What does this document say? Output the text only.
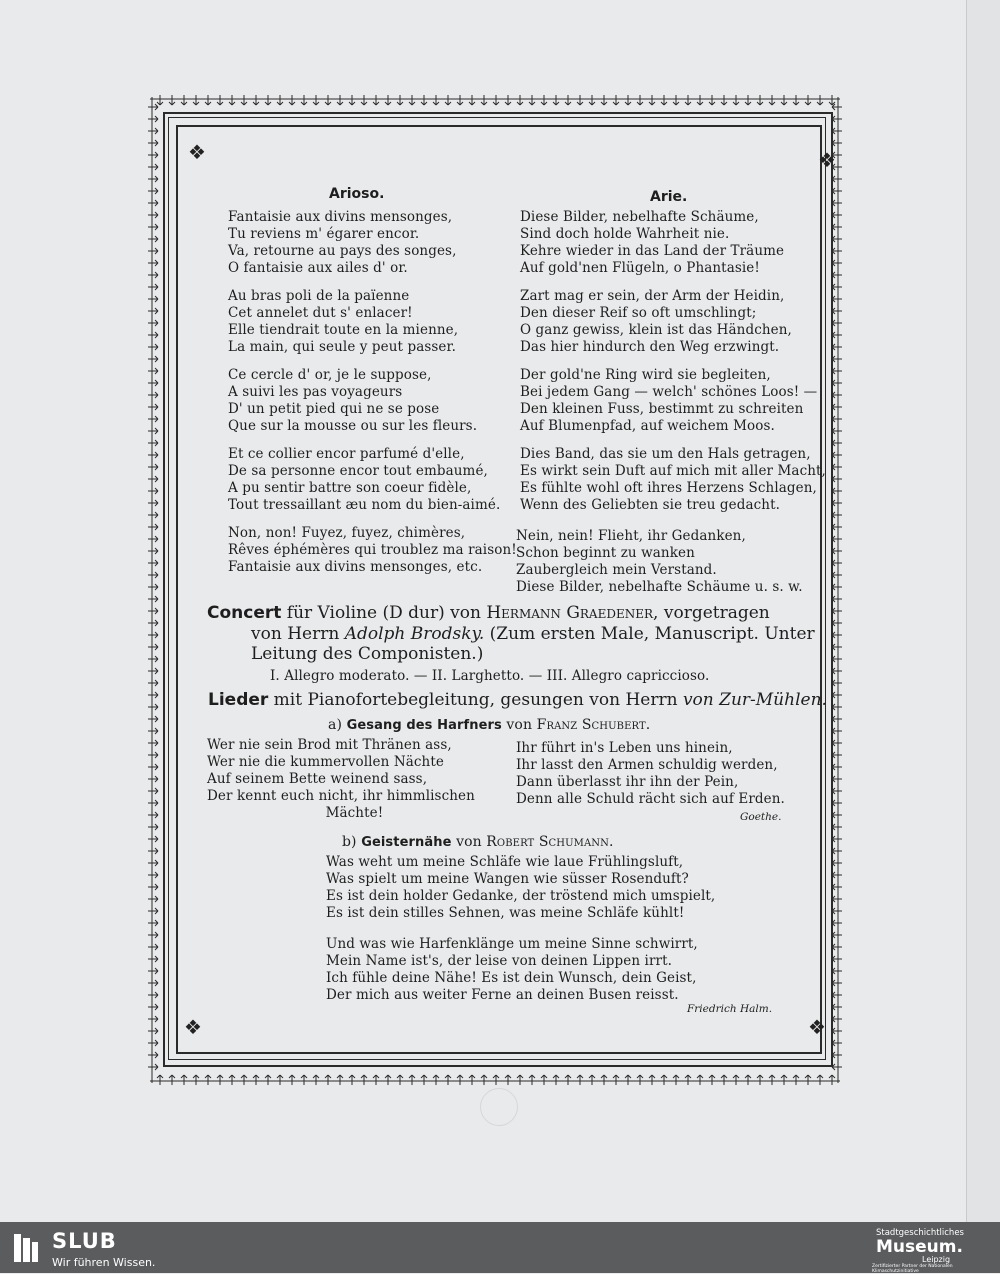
❖	❖
❖	❖
Arioso.	Arie.
Fantaisie aux divins mensonges,
Tu reviens m' égarer encor.
Va, retourne au pays des songes,
O fantaisie aux ailes d' or.
Au bras poli de la païenne
Cet annelet dut s' enlacer!
Elle tiendrait toute en la mienne,
La main, qui seule y peut passer.
Ce cercle d' or, je le suppose,
A suivi les pas voyageurs
D' un petit pied qui ne se pose
Que sur la mousse ou sur les fleurs.
Et ce collier encor parfumé d'elle,
De sa personne encor tout embaumé,
A pu sentir battre son coeur fidèle,
Tout tressaillant æu nom du bien-aimé.
Non, non! Fuyez, fuyez, chimères,
Rêves éphémères qui troublez ma raison!
Fantaisie aux divins mensonges, etc.
Diese Bilder, nebelhafte Schäume,
Sind doch holde Wahrheit nie.
Kehre wieder in das Land der Träume
Auf gold'nen Flügeln, o Phantasie!
Zart mag er sein, der Arm der Heidin,
Den dieser Reif so oft umschlingt;
O ganz gewiss, klein ist das Händchen,
Das hier hindurch den Weg erzwingt.
Der gold'ne Ring wird sie begleiten,
Bei jedem Gang — welch' schönes Loos! —
Den kleinen Fuss, bestimmt zu schreiten
Auf Blumenpfad, auf weichem Moos.
Dies Band, das sie um den Hals getragen,
Es wirkt sein Duft auf mich mit aller Macht,
Es fühlte wohl oft ihres Herzens Schlagen,
Wenn des Geliebten sie treu gedacht.
Nein, nein! Flieht, ihr Gedanken,
Schon beginnt zu wanken
Zaubergleich mein Verstand.
Diese Bilder, nebelhafte Schäume u. s. w.
Concert für Violine (D dur) von Hermann Graedener, vorgetragen
von Herrn Adolph Brodsky. (Zum ersten Male, Manuscript. Unter
Leitung des Componisten.)
I. Allegro moderato. — II. Larghetto. — III. Allegro capriccioso.
Lieder mit Pianofortebegleitung, gesungen von Herrn von Zur-Mühlen.
a) Gesang des Harfners von Franz Schubert.
Wer nie sein Brod mit Thränen ass,
Wer nie die kummervollen Nächte
Auf seinem Bette weinend sass,
Der kennt euch nicht, ihr himmlischen
Mächte!
Ihr führt in's Leben uns hinein,
Ihr lasst den Armen schuldig werden,
Dann überlasst ihr ihn der Pein,
Denn alle Schuld rächt sich auf Erden.
Goethe.
b) Geisternähe von Robert Schumann.
Was weht um meine Schläfe wie laue Frühlingsluft,
Was spielt um meine Wangen wie süsser Rosenduft?
Es ist dein holder Gedanke, der tröstend mich umspielt,
Es ist dein stilles Sehnen, was meine Schläfe kühlt!
Und was wie Harfenklänge um meine Sinne schwirrt,
Mein Name ist's, der leise von deinen Lippen irrt.
Ich fühle deine Nähe! Es ist dein Wunsch, dein Geist,
Der mich aus weiter Ferne an deinen Busen reisst.
Friedrich Halm.
SLUB
Wir führen Wissen.
Stadtgeschichtliches
Museum.
Leipzig
Zertifizierter Partner der Nationalen Klimaschutzinitiative
